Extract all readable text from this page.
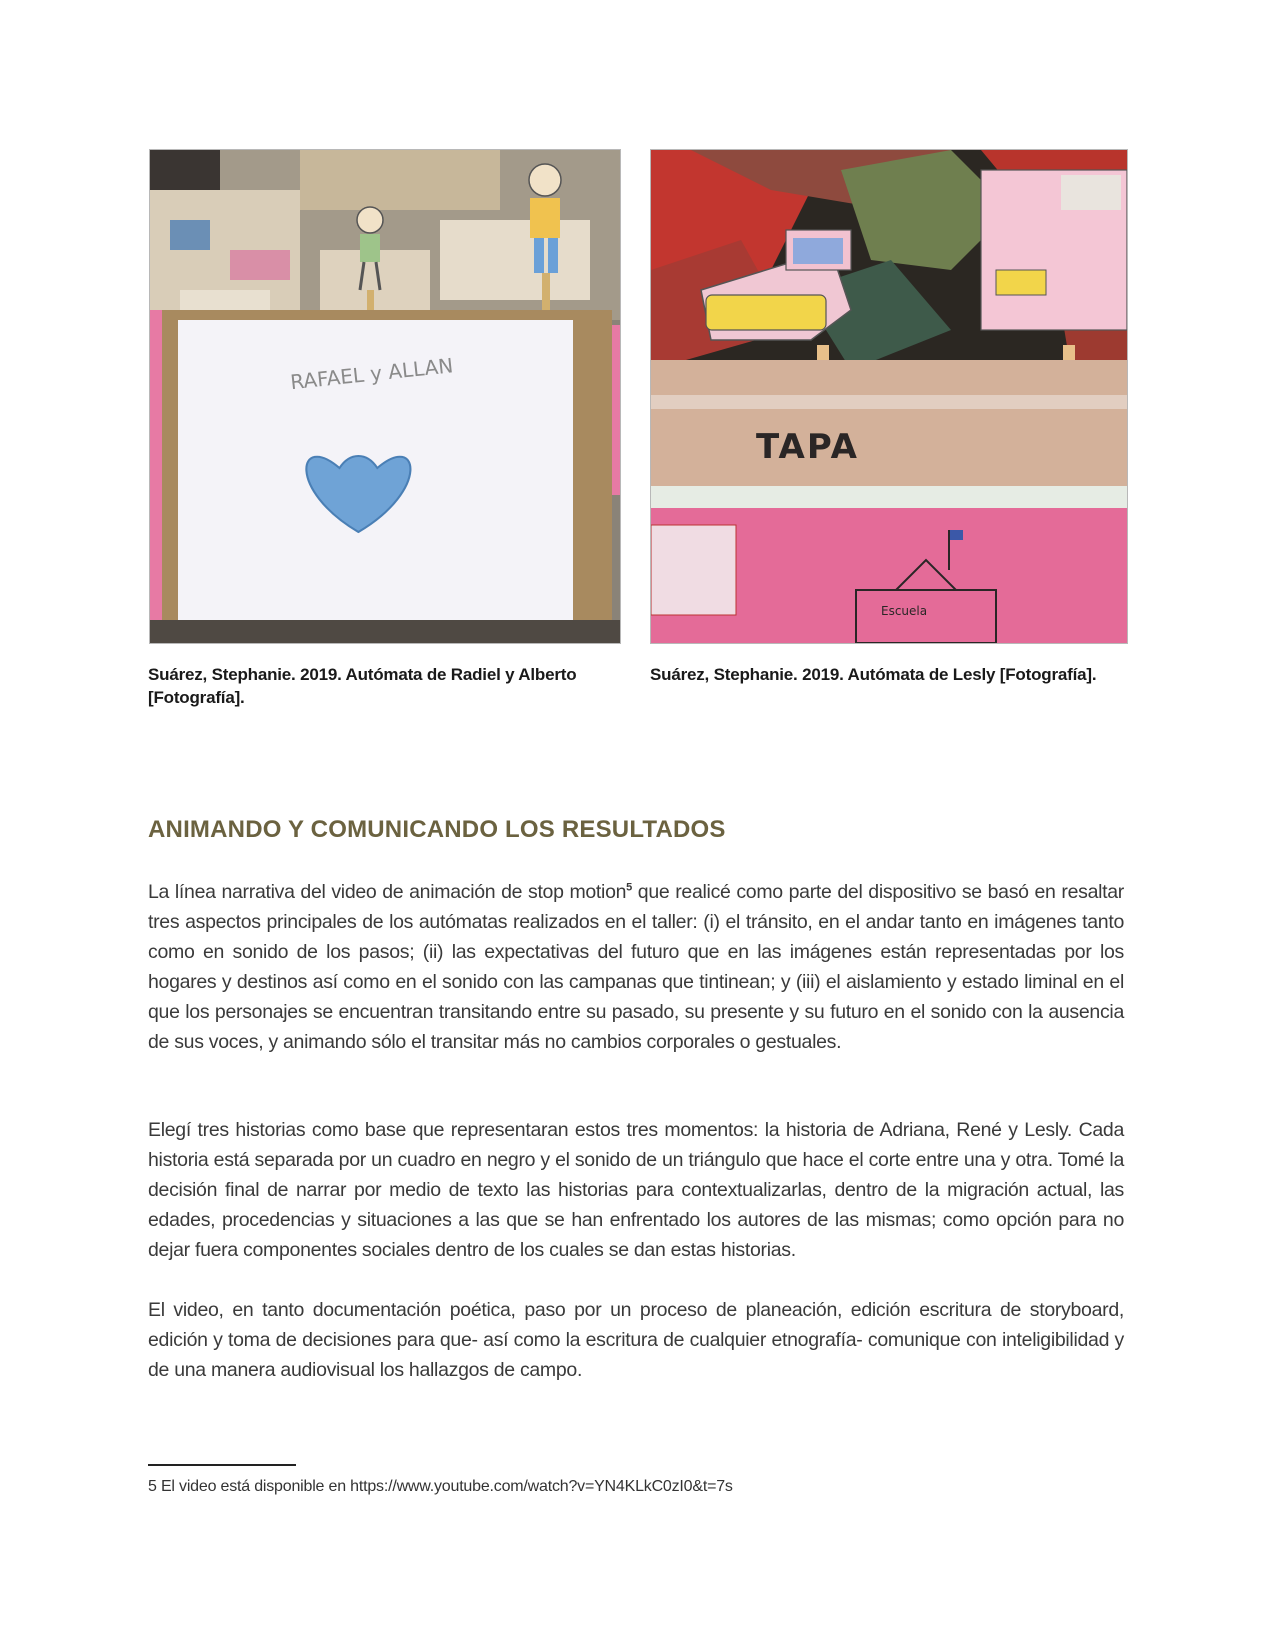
RAFAEL y ALLAN
TAPA
Escuela
Suárez, Stephanie. 2019. Autómata de Radiel y Alberto [Fotografía].
Suárez, Stephanie. 2019. Autómata de Lesly [Fotografía].
ANIMANDO Y COMUNICANDO LOS RESULTADOS

La línea narrativa del video de animación de stop motion$^5$ que realicé como parte del dispositivo se basó en resaltar tres aspectos principales de los autómatas realizados en el taller: (i) el tránsito, en el andar tanto en imágenes tanto como en sonido de los pasos; (ii) las expectativas del futuro que en las imágenes están representadas por los hogares y destinos así como en el sonido con las campanas que tintinean; y (iii) el aislamiento y estado liminal en el que los personajes se encuentran transitando entre su pasado, su presente y su futuro en el sonido con la ausencia de sus voces, y animando sólo el transitar más no cambios corporales o gestuales.

Elegí tres historias como base que representaran estos tres momentos: la historia de Adriana, René y Lesly. Cada historia está separada por un cuadro en negro y el sonido de un triángulo que hace el corte entre una y otra. Tomé la decisión final de narrar por medio de texto las historias para contextualizarlas, dentro de la migración actual, las edades, procedencias y situaciones a las que se han enfrentado los autores de las mismas; como opción para no dejar fuera componentes sociales dentro de los cuales se dan estas historias.

El video, en tanto documentación poética, paso por un proceso de planeación, edición escritura de storyboard, edición y toma de decisiones para que- así como la escritura de cualquier etnografía- comunique con inteligibilidad y de una manera audiovisual los hallazgos de campo.

5 El video está disponible en https://www.youtube.com/watch?v=YN4KLkC0zI0&t=7s
